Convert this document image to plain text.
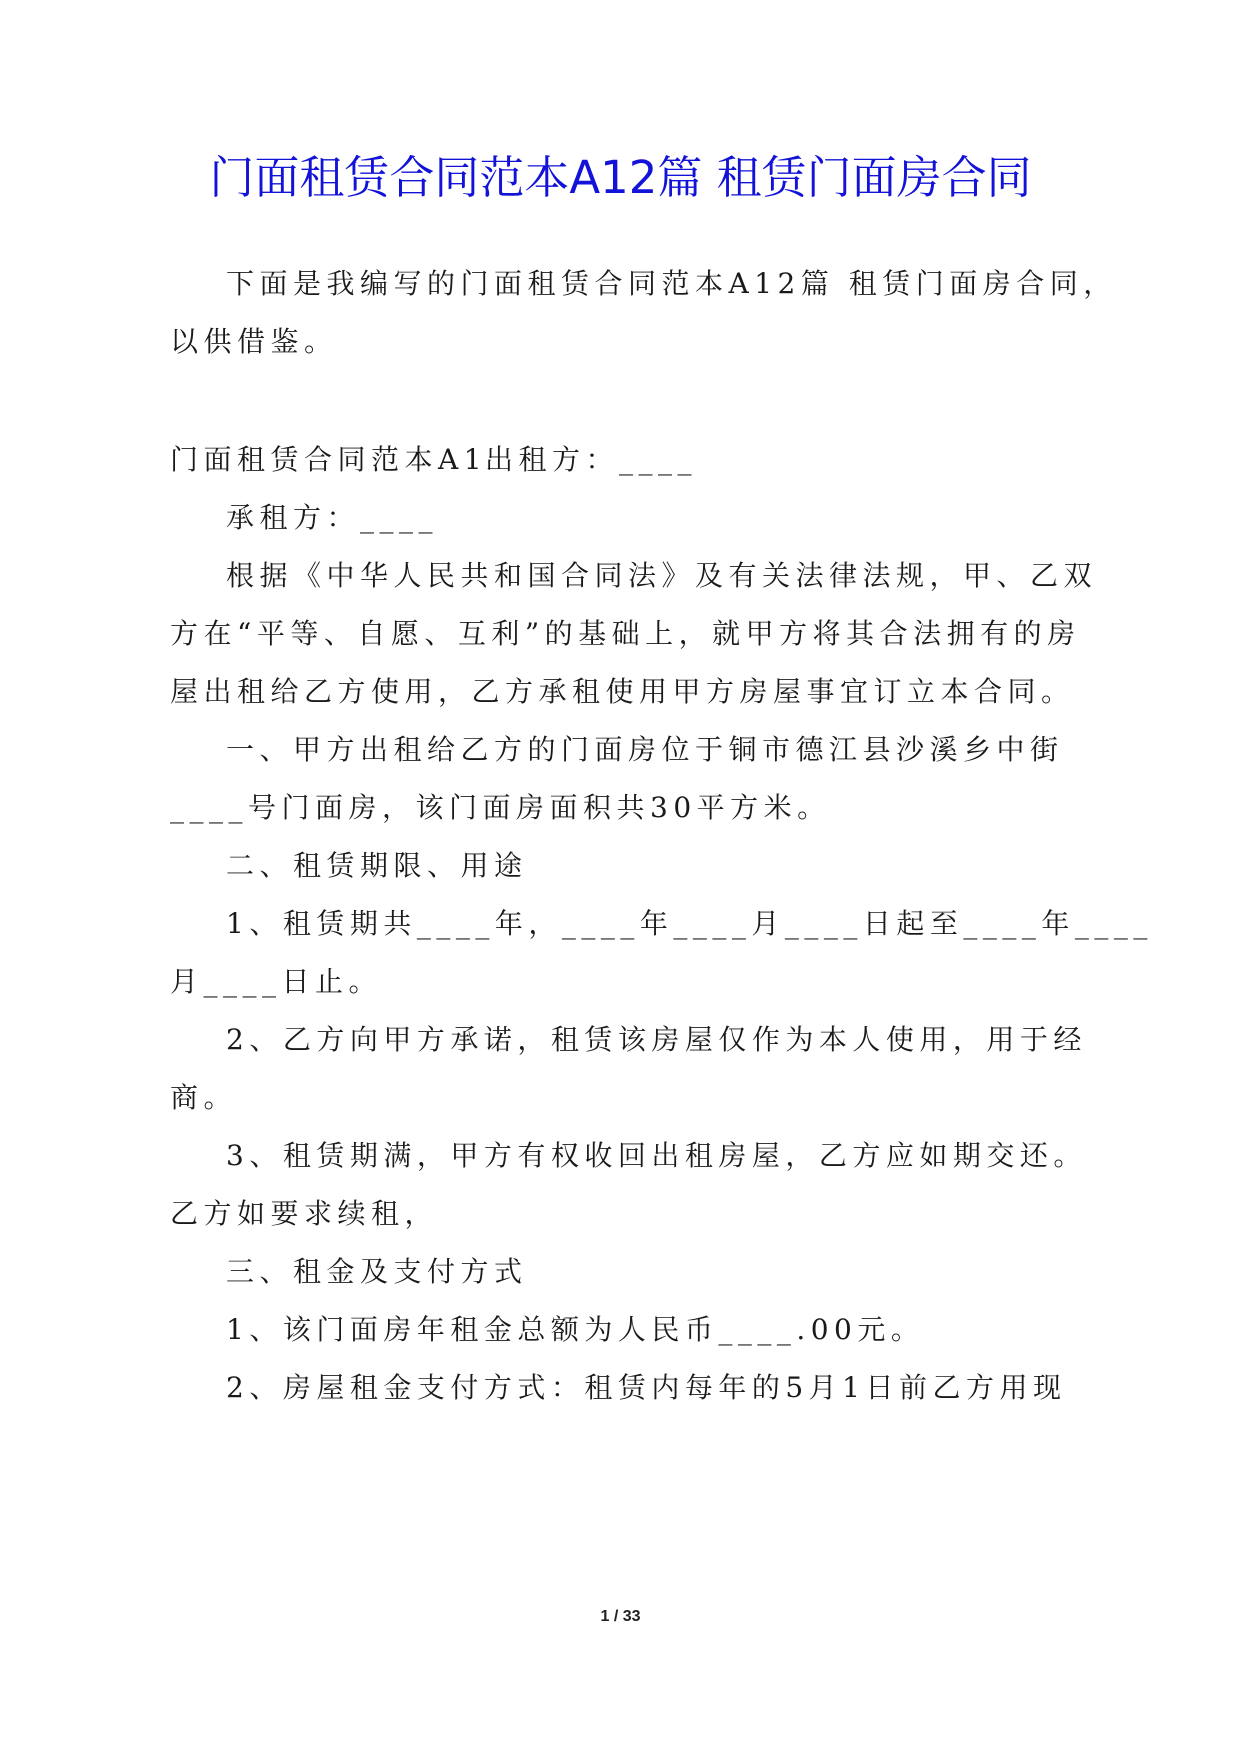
门面租赁合同范本A12篇 租赁门面房合同
下面是我编写的门面租赁合同范本A12篇 租赁门面房合同，
以供借鉴。
门面租赁合同范本A1
出租方：____
承租方：____
根据《中华人民共和国合同法》及有关法律法规，甲、乙双
方在“平等、自愿、互利”的基础上，就甲方将其合法拥有的房
屋出租给乙方使用，乙方承租使用甲方房屋事宜订立本合同。
一、甲方出租给乙方的门面房位于铜市德江县沙溪乡中街
____号门面房，该门面房面积共30平方米。
二、租赁期限、用途
1、租赁期共____年，____年____月____日起至____年____
月____日止。
2、乙方向甲方承诺，租赁该房屋仅作为本人使用，用于经
商。
3、租赁期满，甲方有权收回出租房屋，乙方应如期交还。
乙方如要求续租，
三、租金及支付方式
1、该门面房年租金总额为人民币____.00元。
2、房屋租金支付方式：租赁内每年的5月1日前乙方用现
1 / 33
